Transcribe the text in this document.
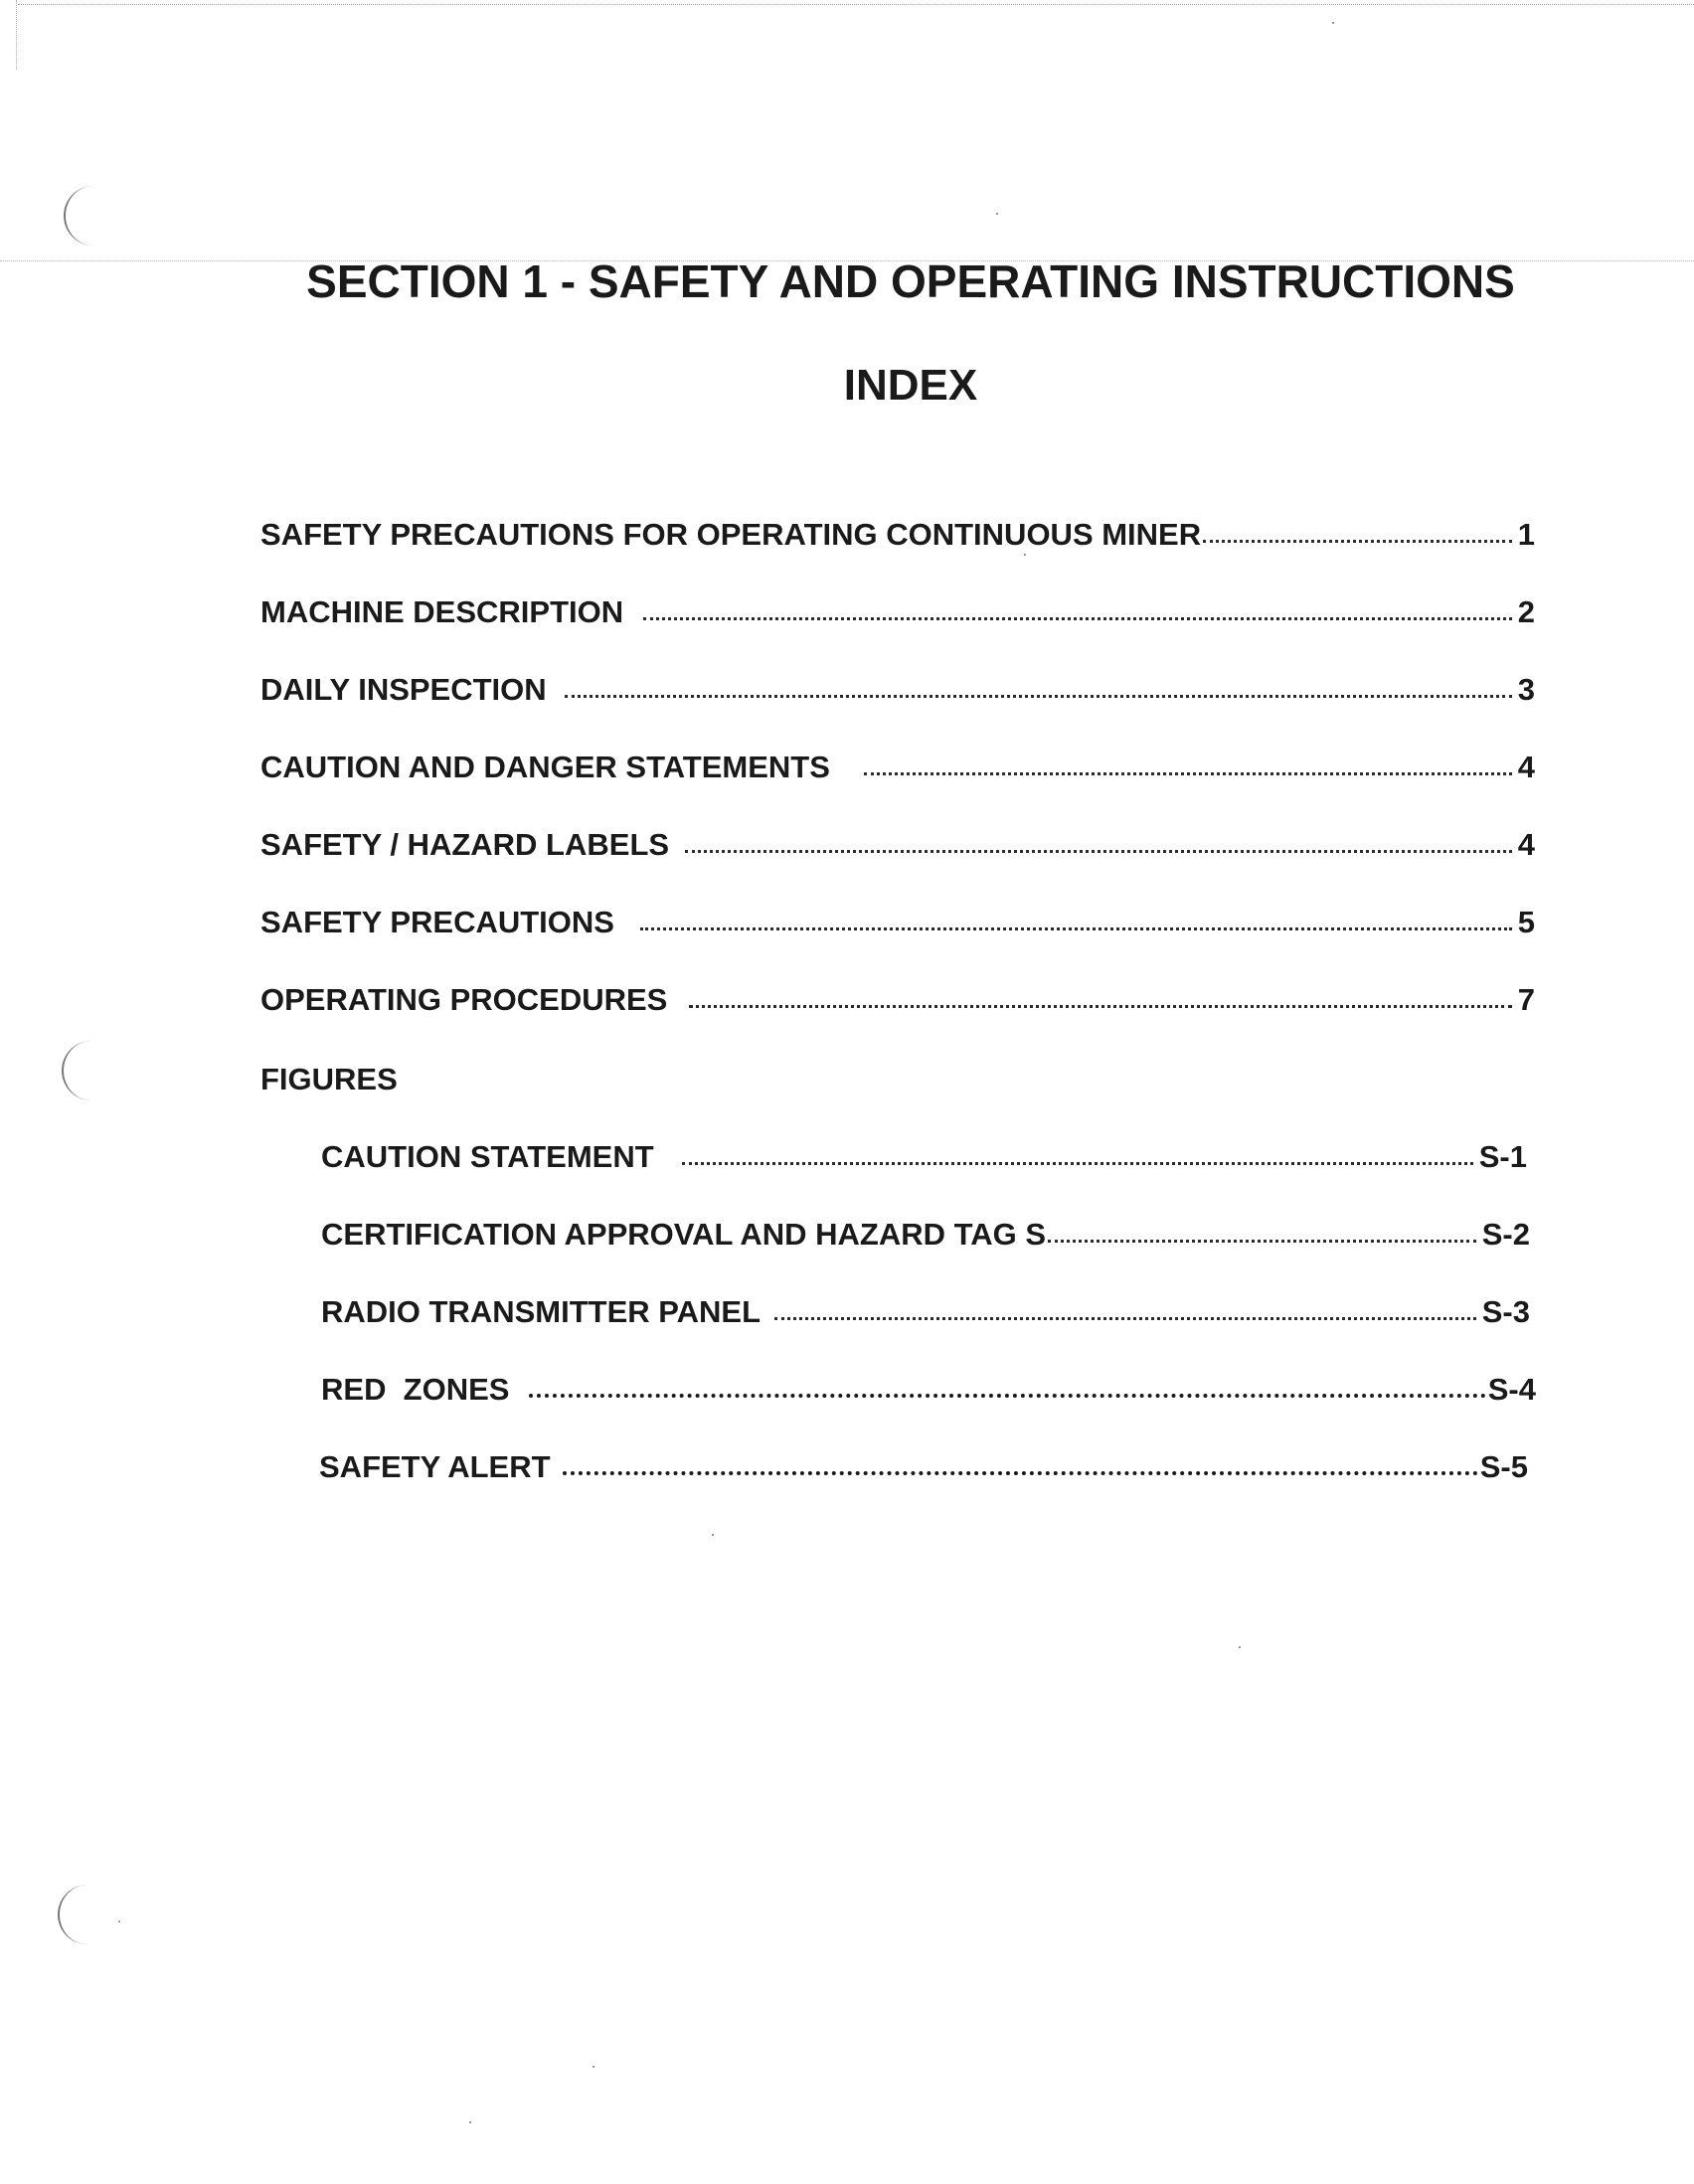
SECTION 1 - SAFETY AND OPERATING INSTRUCTIONS
INDEX
SAFETY PRECAUTIONS FOR OPERATING CONTINUOUS MINER	1
MACHINE DESCRIPTION	2
DAILY INSPECTION	3
CAUTION AND DANGER STATEMENTS	4
SAFETY / HAZARD LABELS	4
SAFETY PRECAUTIONS	5
OPERATING PROCEDURES	7
FIGURES
CAUTION STATEMENT	S-1
CERTIFICATION APPROVAL AND HAZARD TAG S	S-2
RADIO TRANSMITTER PANEL	S-3
RED  ZONES	S-4
SAFETY ALERT	S-5
